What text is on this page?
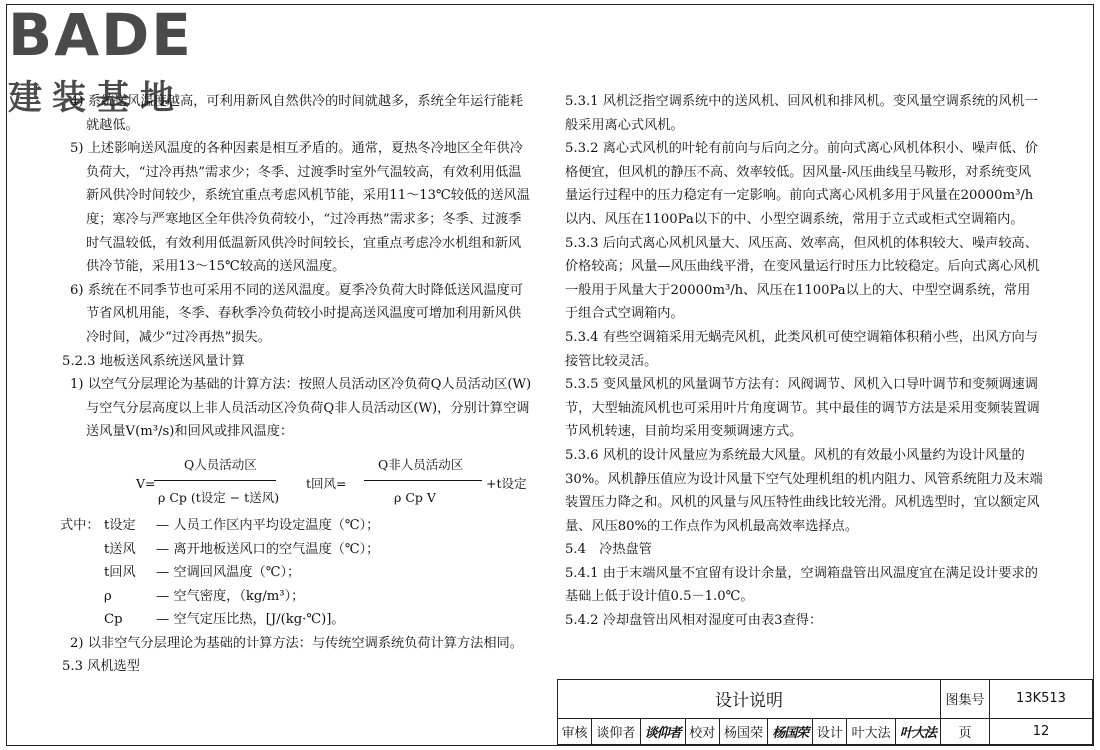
BADE
建装基地

4) 系统送风温度越高，可利用新风自然供冷的时间就越多，系统全年运行能耗就越低。

5) 上述影响送风温度的各种因素是相互矛盾的。通常，夏热冬冷地区全年供冷负荷大，“过冷再热”需求少；冬季、过渡季时室外气温较高，有效利用低温新风供冷时间较少，系统宜重点考虑风机节能，采用11～13℃较低的送风温度；寒冷与严寒地区全年供冷负荷较小，“过冷再热”需求多；冬季、过渡季时气温较低，有效利用低温新风供冷时间较长，宜重点考虑冷水机组和新风供冷节能，采用13～15℃较高的送风温度。

6) 系统在不同季节也可采用不同的送风温度。夏季冷负荷大时降低送风温度可节省风机用能，冬季、春秋季冷负荷较小时提高送风温度可增加利用新风供冷时间，减少“过冷再热”损失。

5.2.3 地板送风系统送风量计算

1) 以空气分层理论为基础的计算方法：按照人员活动区冷负荷Q人员活动区(W)与空气分层高度以上非人员活动区冷负荷Q非人员活动区(W)，分别计算空调送风量V(m³/s)和回风或排风温度：

V=
Q人员活动区
ρ Cp (t设定 − t送风)
t回风=
Q非人员活动区
ρ Cp V
+t设定
式中： t设定 — 人员工作区内平均设定温度（℃）；

t送风 — 离开地板送风口的空气温度（℃）；

t回风 — 空调回风温度（℃）；

ρ	— 空气密度，（kg/m³）；

Cp	— 空气定压比热，[J/(kg·℃)]。

2) 以非空气分层理论为基础的计算方法：与传统空调系统负荷计算方法相同。

5.3 风机选型

5.3.1 风机泛指空调系统中的送风机、回风机和排风机。变风量空调系统的风机一般采用离心式风机。

5.3.2 离心式风机的叶轮有前向与后向之分。前向式离心风机体积小、噪声低、价格便宜，但风机的静压不高、效率较低。因风量-风压曲线呈马鞍形，对系统变风量运行过程中的压力稳定有一定影响。前向式离心风机多用于风量在20000m³/h以内、风压在1100Pa以下的中、小型空调系统，常用于立式或柜式空调箱内。

5.3.3 后向式离心风机风量大、风压高、效率高，但风机的体积较大、噪声较高、价格较高；风量—风压曲线平滑，在变风量运行时压力比较稳定。后向式离心风机一般用于风量大于20000m³/h、风压在1100Pa以上的大、中型空调系统，常用于组合式空调箱内。

5.3.4 有些空调箱采用无蜗壳风机，此类风机可使空调箱体积稍小些，出风方向与接管比较灵活。

5.3.5 变风量风机的风量调节方法有：风阀调节、风机入口导叶调节和变频调速调节，大型轴流风机也可采用叶片角度调节。其中最佳的调节方法是采用变频装置调节风机转速，目前均采用变频调速方式。

5.3.6 风机的设计风量应为系统最大风量。风机的有效最小风量约为设计风量的30%。风机静压值应为设计风量下空气处理机组的机内阻力、风管系统阻力及末端装置压力降之和。风机的风量与风压特性曲线比较光滑。风机选型时，宜以额定风量、风压80%的工作点作为风机最高效率选择点。

5.4　冷热盘管

5.4.1 由于末端风量不宜留有设计余量，空调箱盘管出风温度宜在满足设计要求的基础上低于设计值0.5－1.0℃。

5.4.2 冷却盘管出风相对湿度可由表3查得：

设计说明									图集号	13K513
审核	谈仰者	谈仰者	校对	杨国荣	杨国荣	设计	叶大法	叶大法	页	12
